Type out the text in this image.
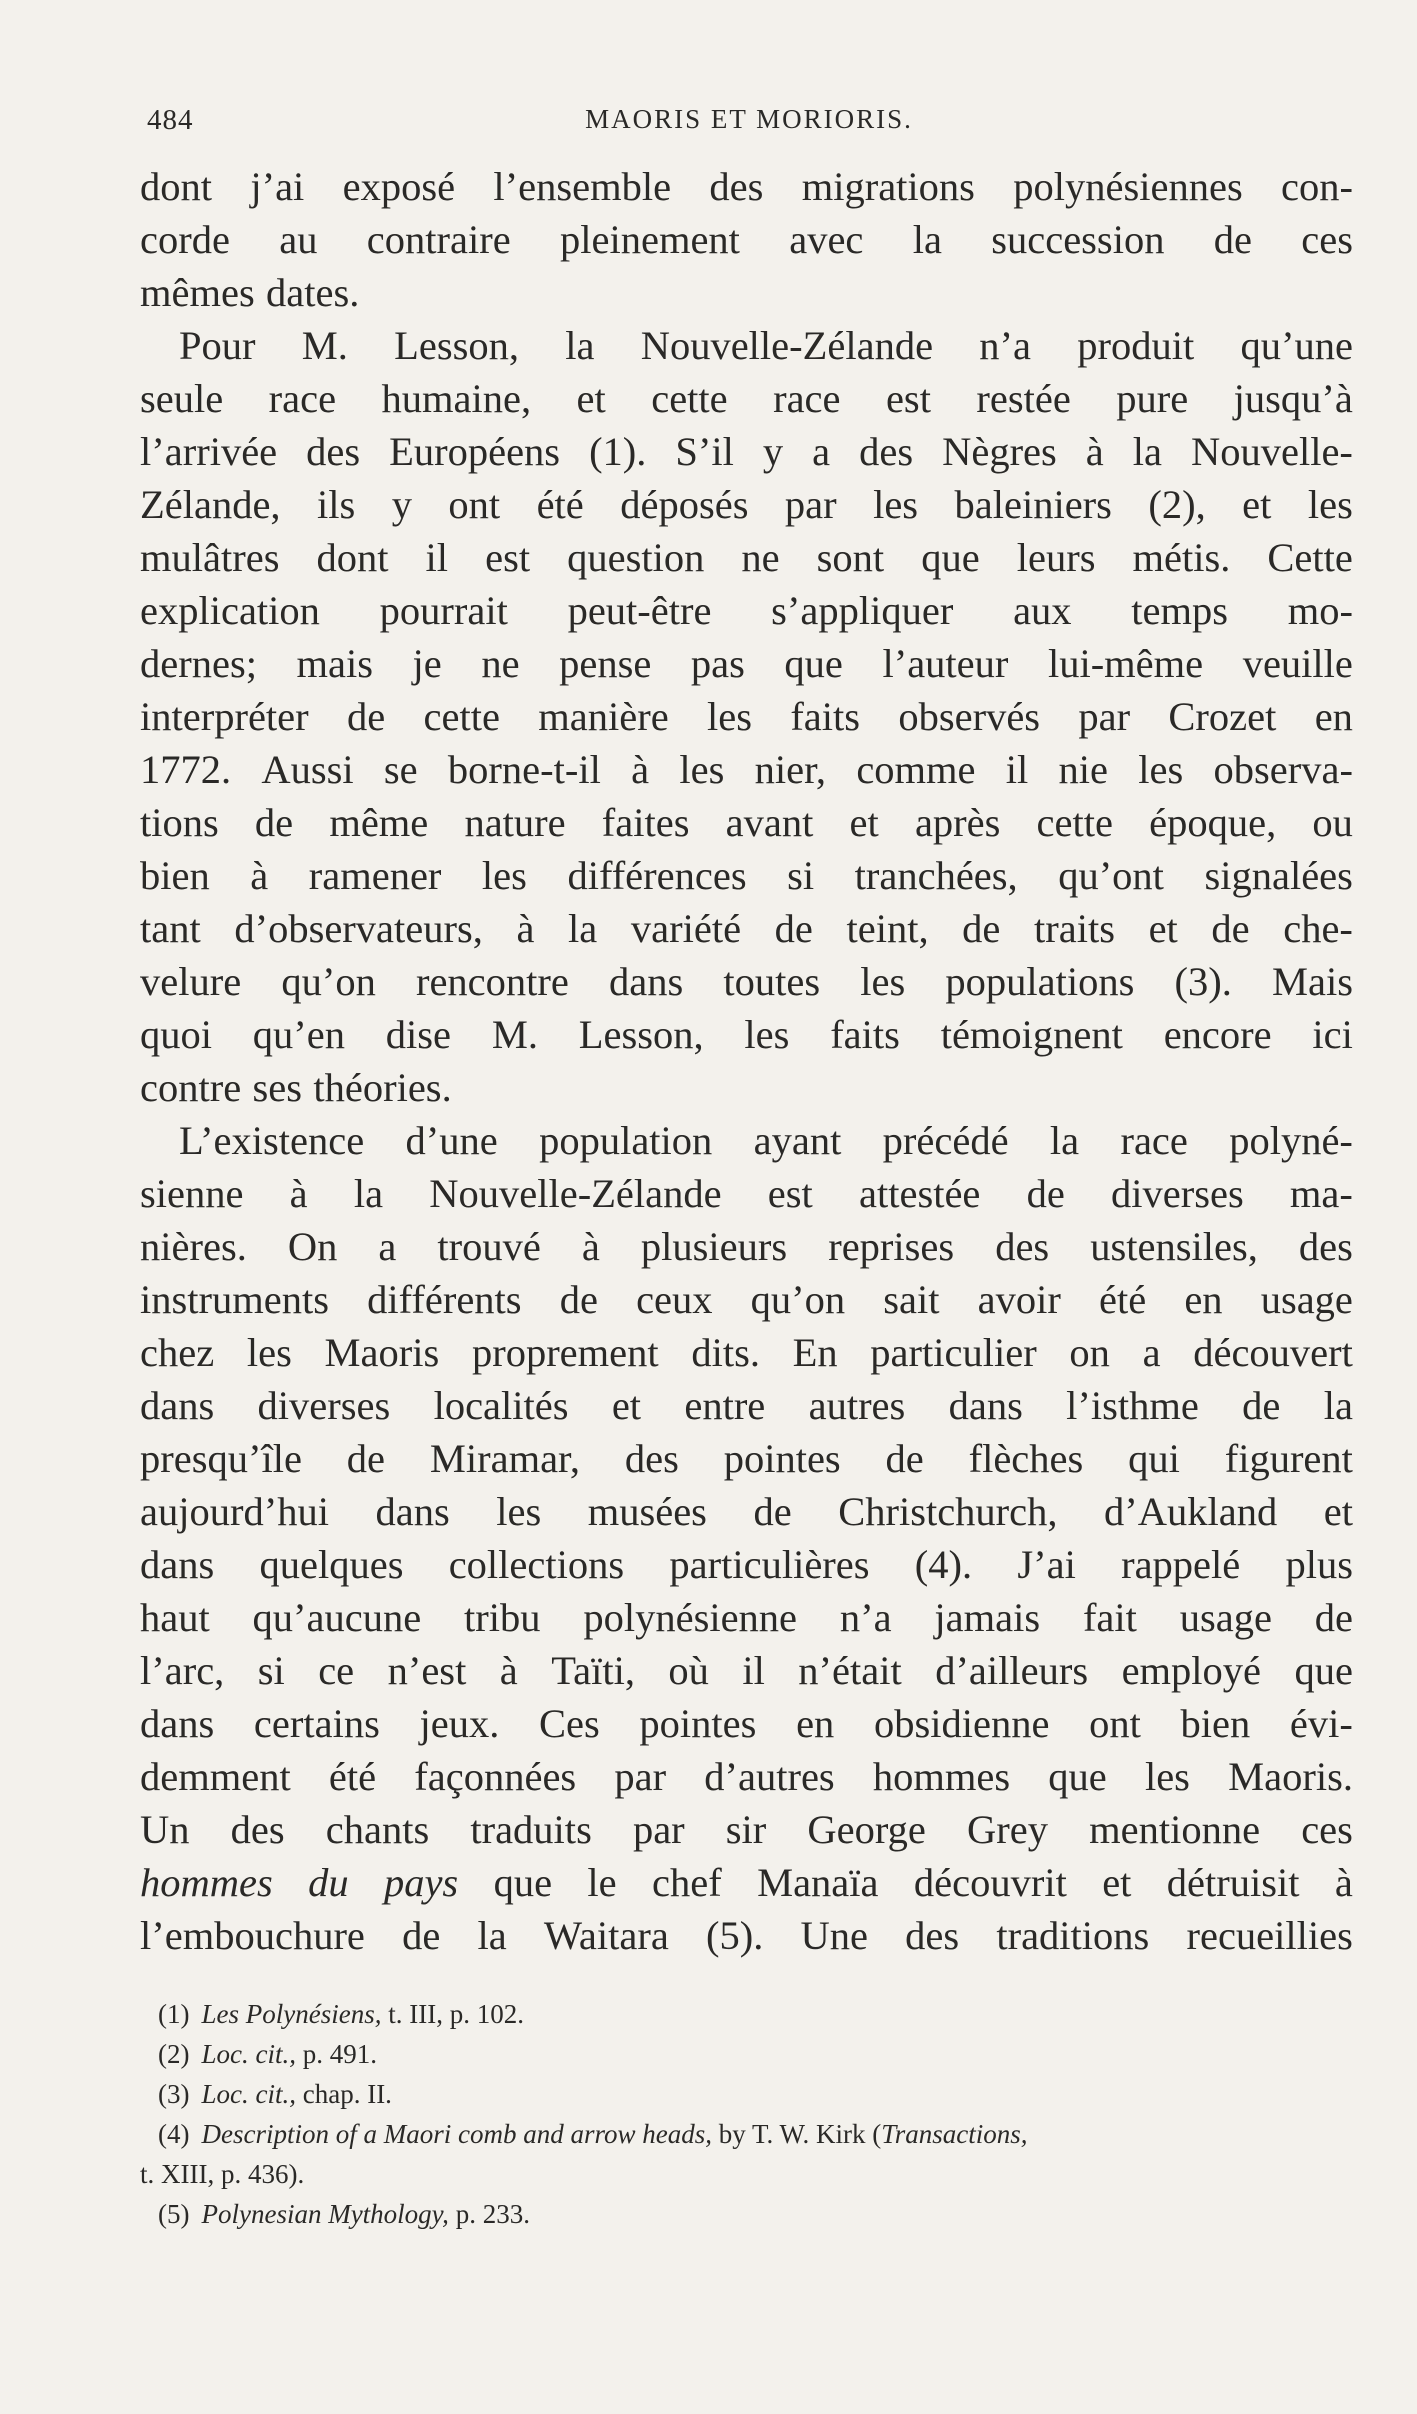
484	MAORIS ET MORIORIS.
dont j’ai exposé l’ensemble des migrations polynésiennes con-
corde au contraire pleinement avec la succession de ces
mêmes dates.
Pour M. Lesson, la Nouvelle-Zélande n’a produit qu’une
seule race humaine, et cette race est restée pure jusqu’à
l’arrivée des Européens (1). S’il y a des Nègres à la Nouvelle-
Zélande, ils y ont été déposés par les baleiniers (2), et les
mulâtres dont il est question ne sont que leurs métis. Cette
explication pourrait peut-être s’appliquer aux temps mo-
dernes; mais je ne pense pas que l’auteur lui-même veuille
interpréter de cette manière les faits observés par Crozet en
1772. Aussi se borne-t-il à les nier, comme il nie les observa-
tions de même nature faites avant et après cette époque, ou
bien à ramener les différences si tranchées, qu’ont signalées
tant d’observateurs, à la variété de teint, de traits et de che-
velure qu’on rencontre dans toutes les populations (3). Mais
quoi qu’en dise M. Lesson, les faits témoignent encore ici
contre ses théories.
L’existence d’une population ayant précédé la race polyné-
sienne à la Nouvelle-Zélande est attestée de diverses ma-
nières. On a trouvé à plusieurs reprises des ustensiles, des
instruments différents de ceux qu’on sait avoir été en usage
chez les Maoris proprement dits. En particulier on a découvert
dans diverses localités et entre autres dans l’isthme de la
presqu’île de Miramar, des pointes de flèches qui figurent
aujourd’hui dans les musées de Christchurch, d’Aukland et
dans quelques collections particulières (4). J’ai rappelé plus
haut qu’aucune tribu polynésienne n’a jamais fait usage de
l’arc, si ce n’est à Taïti, où il n’était d’ailleurs employé que
dans certains jeux. Ces pointes en obsidienne ont bien évi-
demment été façonnées par d’autres hommes que les Maoris.
Un des chants traduits par sir George Grey mentionne ces
hommes du pays que le chef Manaïa découvrit et détruisit à
l’embouchure de la Waitara (5). Une des traditions recueillies
(1) Les Polynésiens, t. III, p. 102.
(2) Loc. cit., p. 491.
(3) Loc. cit., chap. II.
(4) Description of a Maori comb and arrow heads, by T. W. Kirk (Transactions,
t. XIII, p. 436).
(5) Polynesian Mythology, p. 233.
